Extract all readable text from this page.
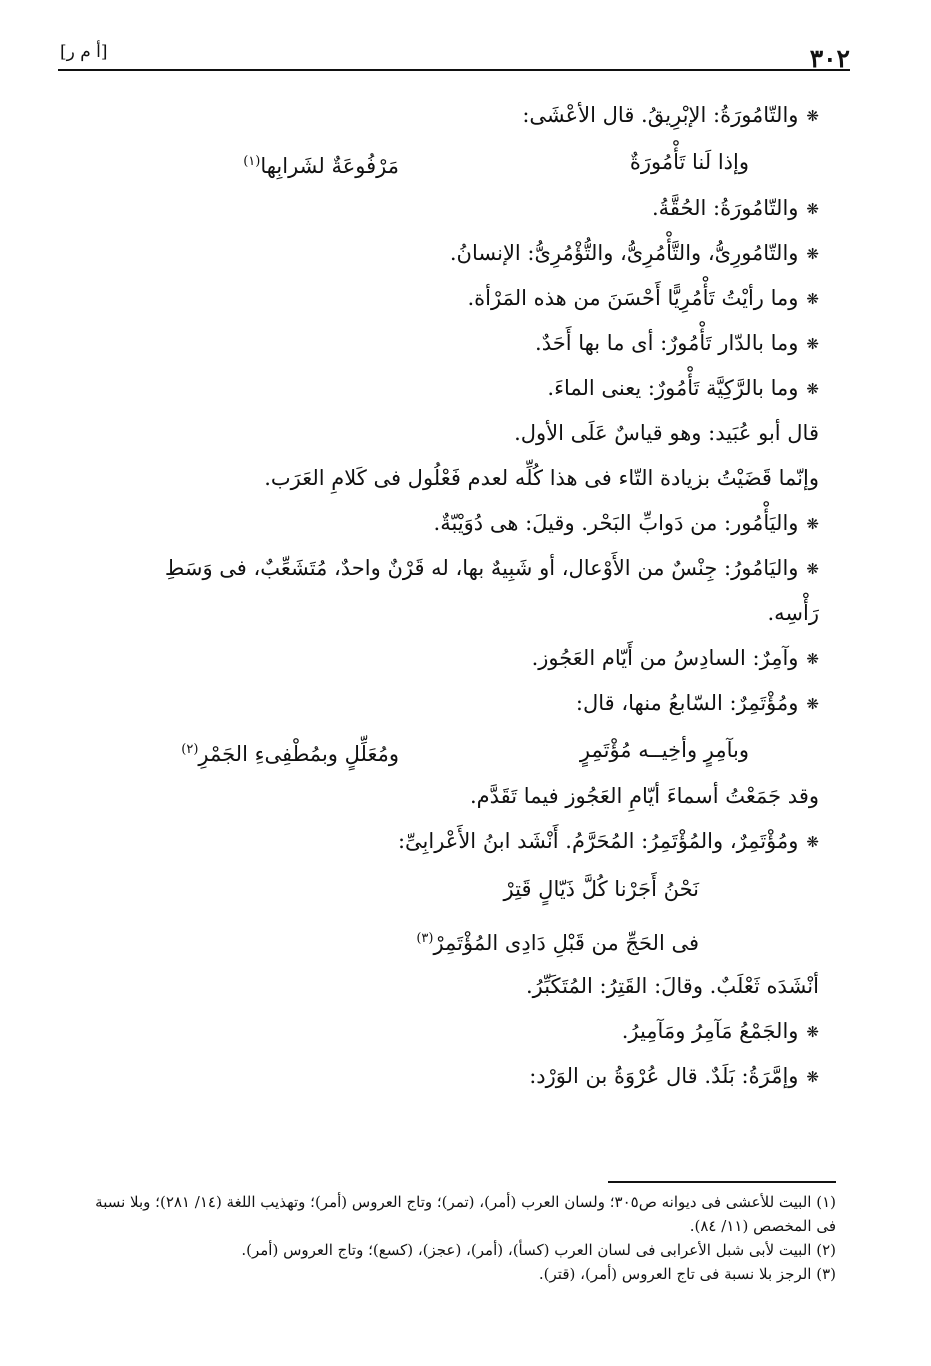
٣٠٢
[أ م ر]
❋والتّامُورَةُ: الإبْرِيقُ. قال الأعْشَى:
وإذا لَنا تَأْمُورَةٌ
مَرْفُوعَةٌ لشَرابِها$^{(١)}$
❋والتّامُورَةُ: الحُقَّةُ.
❋والتّامُورِىُّ، والتَّأْمُرِىُّ، والتُّؤْمُرِىُّ: الإنسانُ.
❋وما رأيْتُ تَأْمُرِيًّا أَحْسَنَ من هذه المَرْأة.
❋وما بالدّار تَأْمُورٌ: أى ما بها أَحَدٌ.
❋وما بالرَّكِيَّة تَأْمُورٌ: يعنى الماءَ.
قال أبو عُبَيد: وهو قياسٌ عَلَى الأول.
وإنّما قَضَيْتُ بزيادة التّاء فى هذا كُلِّه لعدم فَعْلُول فى كَلامِ العَرَب.
❋واليَأْمُور: من دَوابِّ البَحْر. وقيلَ: هى دُوَيْبّةٌ.
❋واليَامُورُ: جِنْسٌ من الأَوْعال، أو شَبِيهٌ بها، له قَرْنٌ واحدٌ، مُتَشَعِّبٌ، فى وَسَطِ
رَأْسِه.
❋وآمِرٌ: السادِسُ من أَيّام العَجُوز.
❋ومُؤْتَمِرٌ: السّابعُ منها، قال:
وبآمِرٍ وأخِيــه مُؤْتَمِرٍ
ومُعَلِّلٍ وبمُطْفِىءِ الجَمْرِ$^{(٢)}$
وقد جَمَعْتُ أسماءَ أيّامِ العَجُوز فيما تَقَدَّم.
❋ومُؤْتَمِرٌ، والمُؤْتَمِرُ: المُحَرَّمُ. أَنْشَد ابنُ الأَعْرابِىِّ:
نَحْنُ أَجَرْنا كُلَّ ذَيّالٍ قَتِرْ
فى الحَجِّ من قَبْلِ دَادِى المُؤْتَمِرْ$^{(٣)}$
أنْشَدَه ثَعْلَبٌ. وقالَ: القَتِرُ: المُتَكَبِّرُ.
❋والجَمْعُ مَآمِرُ ومَآمِيرُ.
❋وإمَّرَةُ: بَلَدٌ. قال عُرْوَةُ بن الوَرْد:
(١) البيت للأعشى فى ديوانه ص٣٠٥؛ ولسان العرب (أمر)، (تمر)؛ وتاج العروس (أمر)؛ وتهذيب اللغة (١٤/ ٢٨١)؛ وبلا نسبة فى المخصص (١١/ ٨٤).
(٢) البيت لأبى شبل الأعرابى فى لسان العرب (كسأ)، (أمر)، (عجز)، (كسع)؛ وتاج العروس (أمر).
(٣) الرجز بلا نسبة فى تاج العروس (أمر)، (قتر).
